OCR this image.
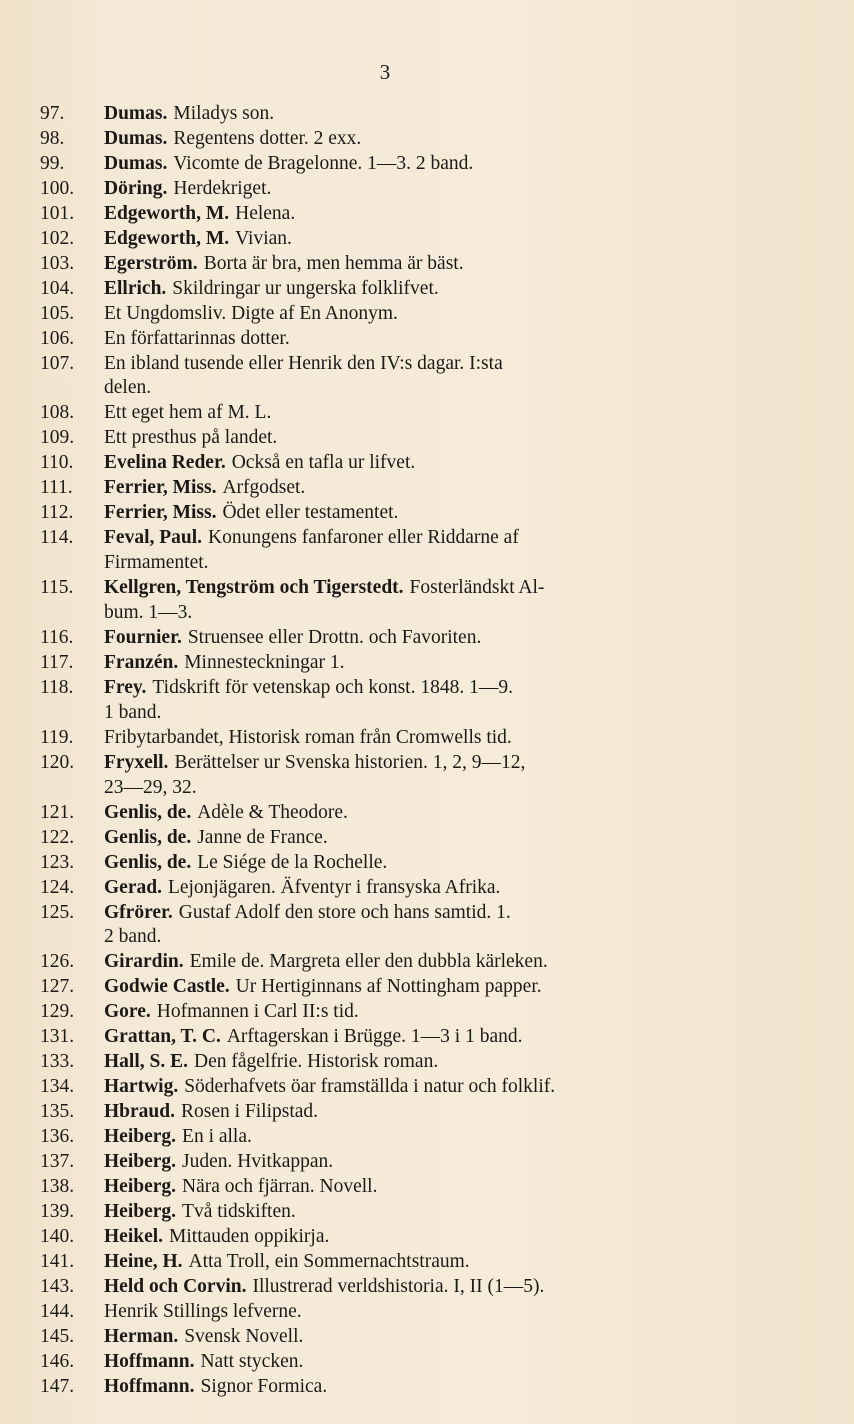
3
97.	Dumas. Miladys son.
98.	Dumas. Regentens dotter. 2 exx.
99.	Dumas. Vicomte de Bragelonne. 1—3. 2 band.
100.	Döring. Herdekriget.
101.	Edgeworth, M. Helena.
102.	Edgeworth, M. Vivian.
103.	Egerström. Borta är bra, men hemma är bäst.
104.	Ellrich. Skildringar ur ungerska folklifvet.
105.	Et Ungdomsliv. Digte af En Anonym.
106.	En författarinnas dotter.
107.	En ibland tusende eller Henrik den IV:s dagar. I:sta
delen.
108.	Ett eget hem af M. L.
109.	Ett presthus på landet.
110.	Evelina Reder. Också en tafla ur lifvet.
111.	Ferrier, Miss. Arfgodset.
112.	Ferrier, Miss. Ödet eller testamentet.
114.	Feval, Paul. Konungens fanfaroner eller Riddarne af
Firmamentet.
115.	Kellgren, Tengström och Tigerstedt. Fosterländskt Al-
bum. 1—3.
116.	Fournier. Struensee eller Drottn. och Favoriten.
117.	Franzén. Minnesteckningar 1.
118.	Frey. Tidskrift för vetenskap och konst. 1848. 1—9.
1 band.
119.	Fribytarbandet, Historisk roman från Cromwells tid.
120.	Fryxell. Berättelser ur Svenska historien. 1, 2, 9—12,
23—29, 32.
121.	Genlis, de. Adèle & Theodore.
122.	Genlis, de. Janne de France.
123.	Genlis, de. Le Siége de la Rochelle.
124.	Gerad. Lejonjägaren. Äfventyr i fransyska Afrika.
125.	Gfrörer. Gustaf Adolf den store och hans samtid. 1.
2 band.
126.	Girardin. Emile de. Margreta eller den dubbla kärleken.
127.	Godwie Castle. Ur Hertiginnans af Nottingham papper.
129.	Gore. Hofmannen i Carl II:s tid.
131.	Grattan, T. C. Arftagerskan i Brügge. 1—3 i 1 band.
133.	Hall, S. E. Den fågelfrie. Historisk roman.
134.	Hartwig. Söderhafvets öar framställda i natur och folklif.
135.	Hbraud. Rosen i Filipstad.
136.	Heiberg. En i alla.
137.	Heiberg. Juden. Hvitkappan.
138.	Heiberg. Nära och fjärran. Novell.
139.	Heiberg. Två tidskiften.
140.	Heikel. Mittauden oppikirja.
141.	Heine, H. Atta Troll, ein Sommernachtstraum.
143.	Held och Corvin. Illustrerad verldshistoria. I, II (1—5).
144.	Henrik Stillings lefverne.
145.	Herman. Svensk Novell.
146.	Hoffmann. Natt stycken.
147.	Hoffmann. Signor Formica.
